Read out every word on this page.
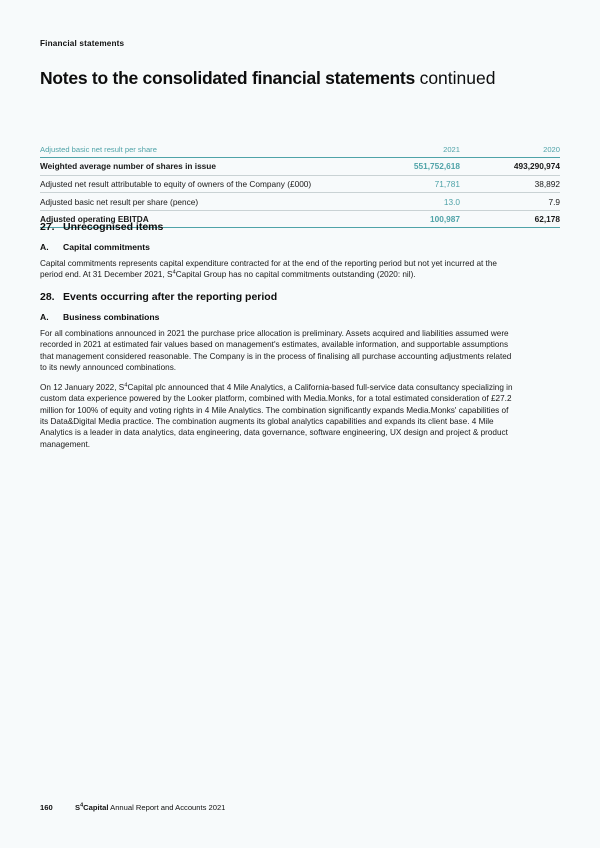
Financial statements
Notes to the consolidated financial statements continued
Adjusted basic net result per share	2021	2020
Weighted average number of shares in issue	551,752,618	493,290,974
Adjusted net result attributable to equity of owners of the Company (£000)	71,781	38,892
Adjusted basic net result per share (pence)	13.0	7.9
Adjusted operating EBITDA	100,987	62,178
27. Unrecognised items
A.	Capital commitments

Capital commitments represents capital expenditure contracted for at the end of the reporting period but not yet incurred at the period end. At 31 December 2021, $S^4Capital$ Group has no capital commitments outstanding (2020: nil).

28. Events occurring after the reporting period
A.	Business combinations

For all combinations announced in 2021 the purchase price allocation is preliminary. Assets acquired and liabilities assumed were recorded in 2021 at estimated fair values based on management's estimates, available information, and supportable assumptions that management considered reasonable. The Company is in the process of finalising all purchase accounting adjustments related to its newly announced combinations.

On 12 January 2022, $S^4Capital$ plc announced that 4 Mile Analytics, a California-based full-service data consultancy specializing in custom data experience powered by the Looker platform, combined with Media.Monks, for a total estimated consideration of £27.2 million for 100% of equity and voting rights in 4 Mile Analytics. The combination significantly expands Media.Monks' capabilities of its Data&Digital Media practice. The combination augments its global analytics capabilities and expands its client base. 4 Mile Analytics is a leader in data analytics, data engineering, data governance, software engineering, UX design and project & product management.

160	$S^4Capital$ Annual Report and Accounts 2021
